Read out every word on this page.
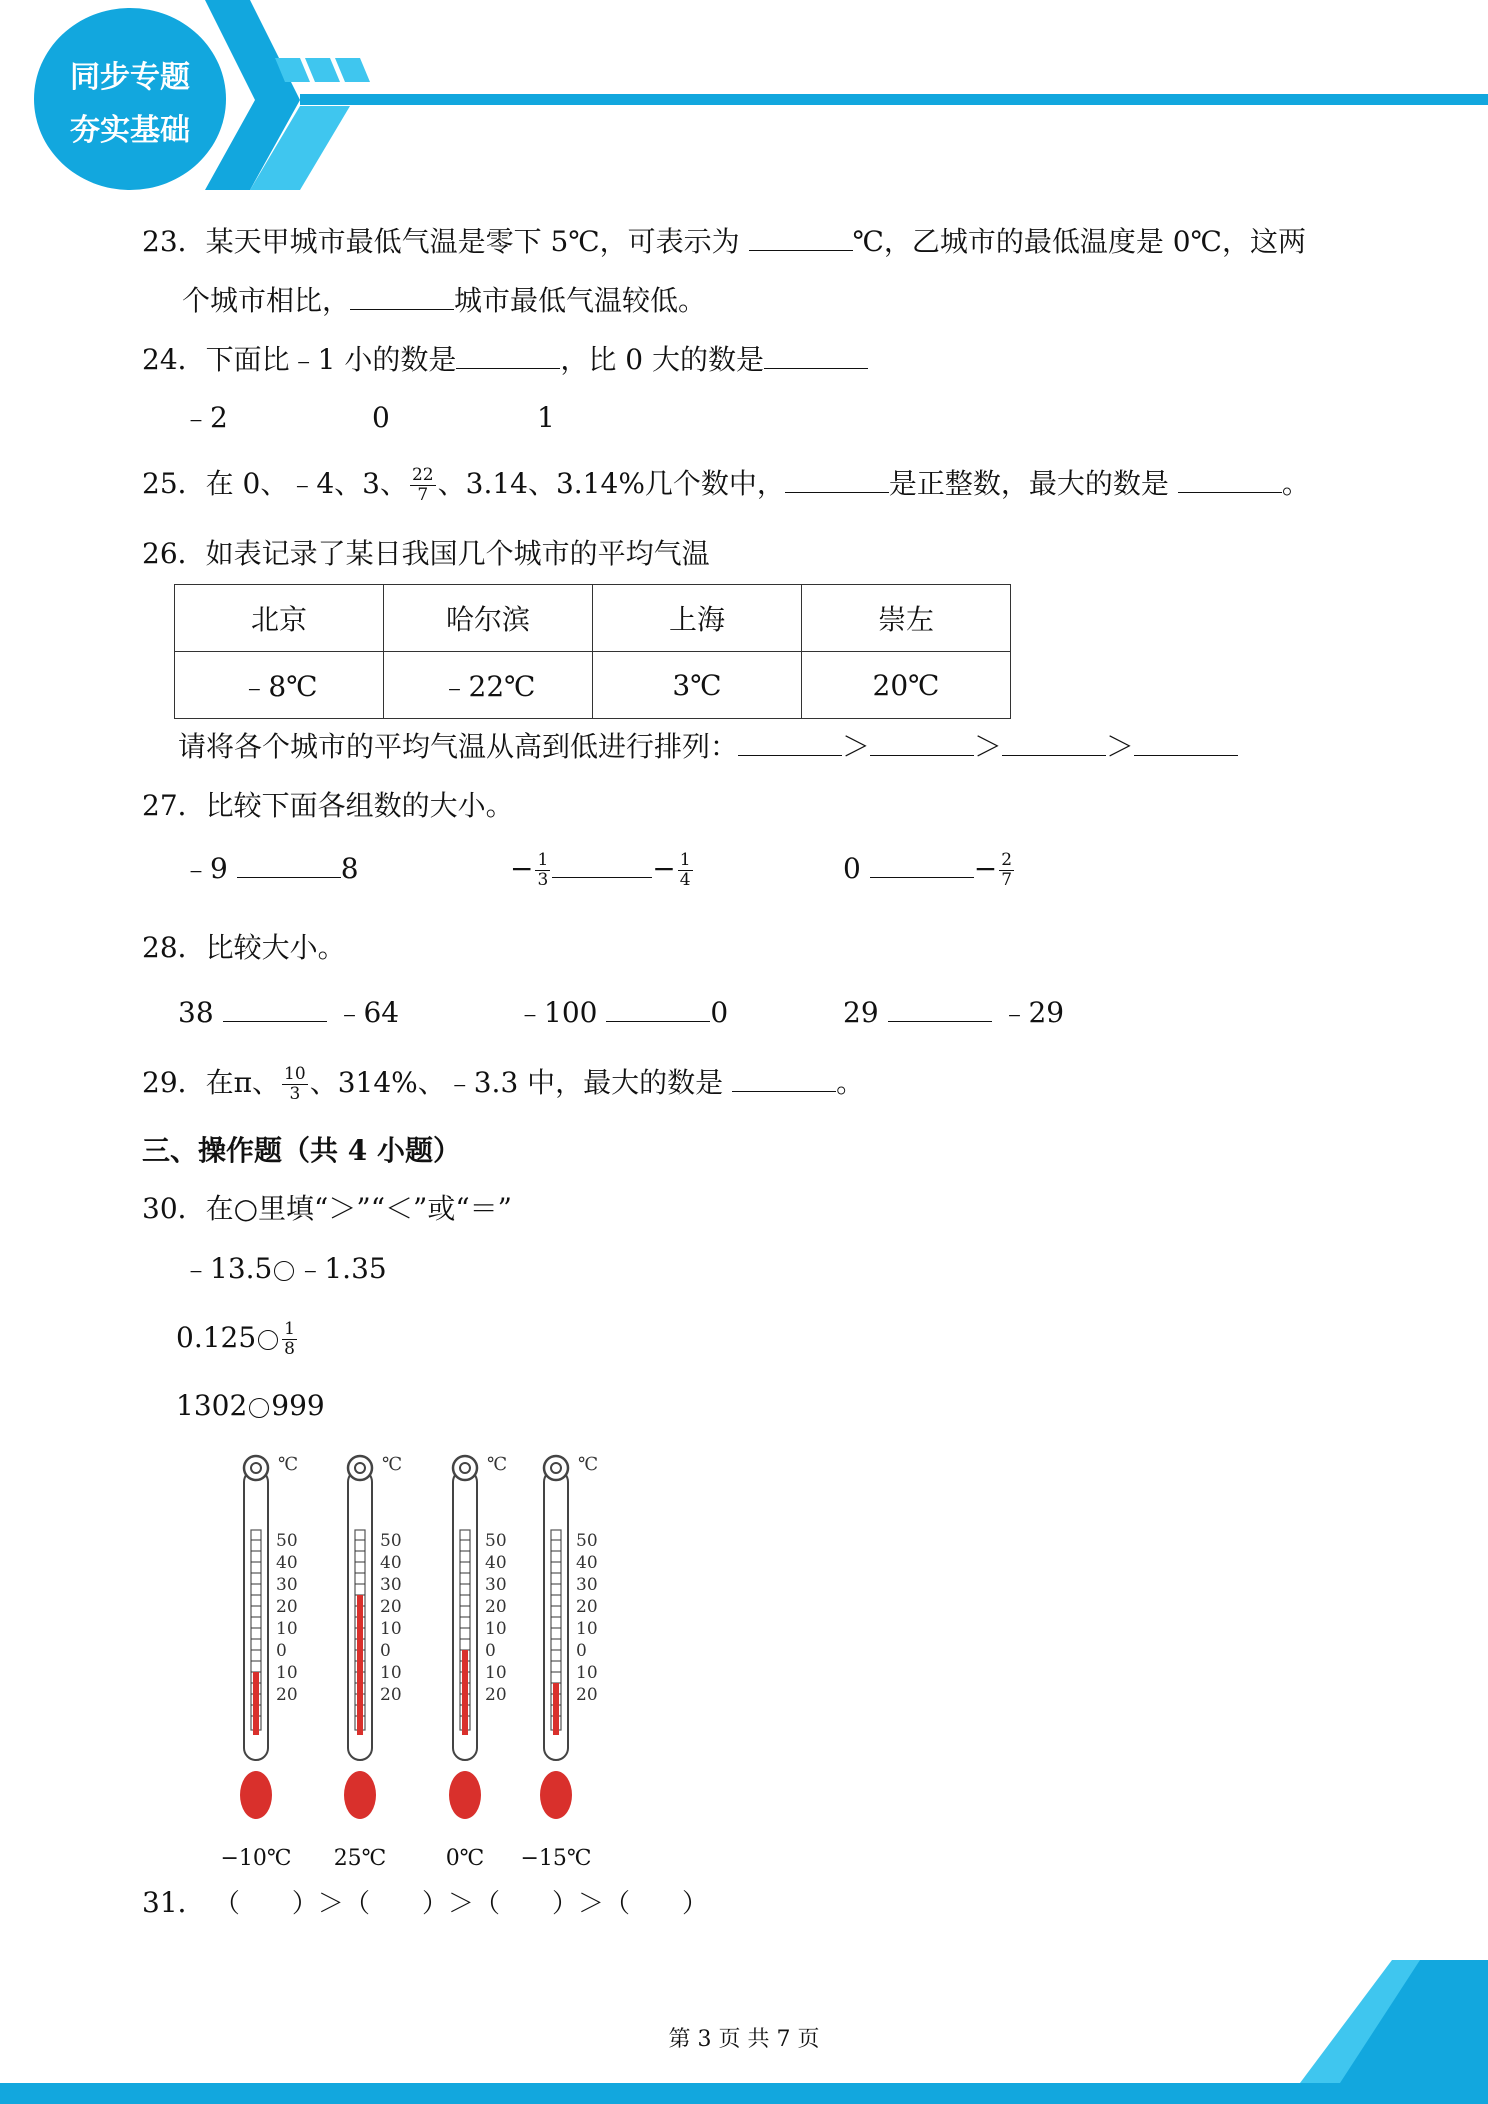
同步专题
夯实基础
23．某天甲城市最低气温是零下 5℃，可表示为	℃，乙城市的最低温度是 0℃，这两
个城市相比，	城市最低气温较低。
24．下面比﹣1 小的数是	，比 0 大的数是
﹣2	0	1
25．在 0、﹣4、3、 $\frac{22}{7}$ 、3.14、3.14%几个数中，	是正整数，最大的数是	。
26．如表记录了某日我国几个城市的平均气温
北京	哈尔滨	上海	崇左
﹣8℃	﹣22℃	3℃	20℃
请将各个城市的平均气温从高到低进行排列：	＞	＞	＞
27．比较下面各组数的大小。
﹣9	8	− $\frac{1}{3}$	− $\frac{1}{4}$	0	− $\frac{2}{7}$
28．比较大小。
38	﹣64	﹣100	0	29	﹣29
29．在π、 $\frac{10}{3}$ 、314%、﹣3.3 中，最大的数是	。
三、操作题（共 4 小题）
30．在○里填“＞”“＜”或“＝”
﹣13.5 ﹣1.35
$0.125 \frac{1}{8}$
1302 999
℃
50
40
30
20
10
0
10
20
−10℃
℃
50
40
30
20
10
0
10
20
25℃
℃
50
40
30
20
10
0
10
20
0℃
℃
50
40
30
20
10
0
10
20
−15℃
31． （　　）＞（　　）＞（　　）＞（　　）
第 3 页 共 7 页
